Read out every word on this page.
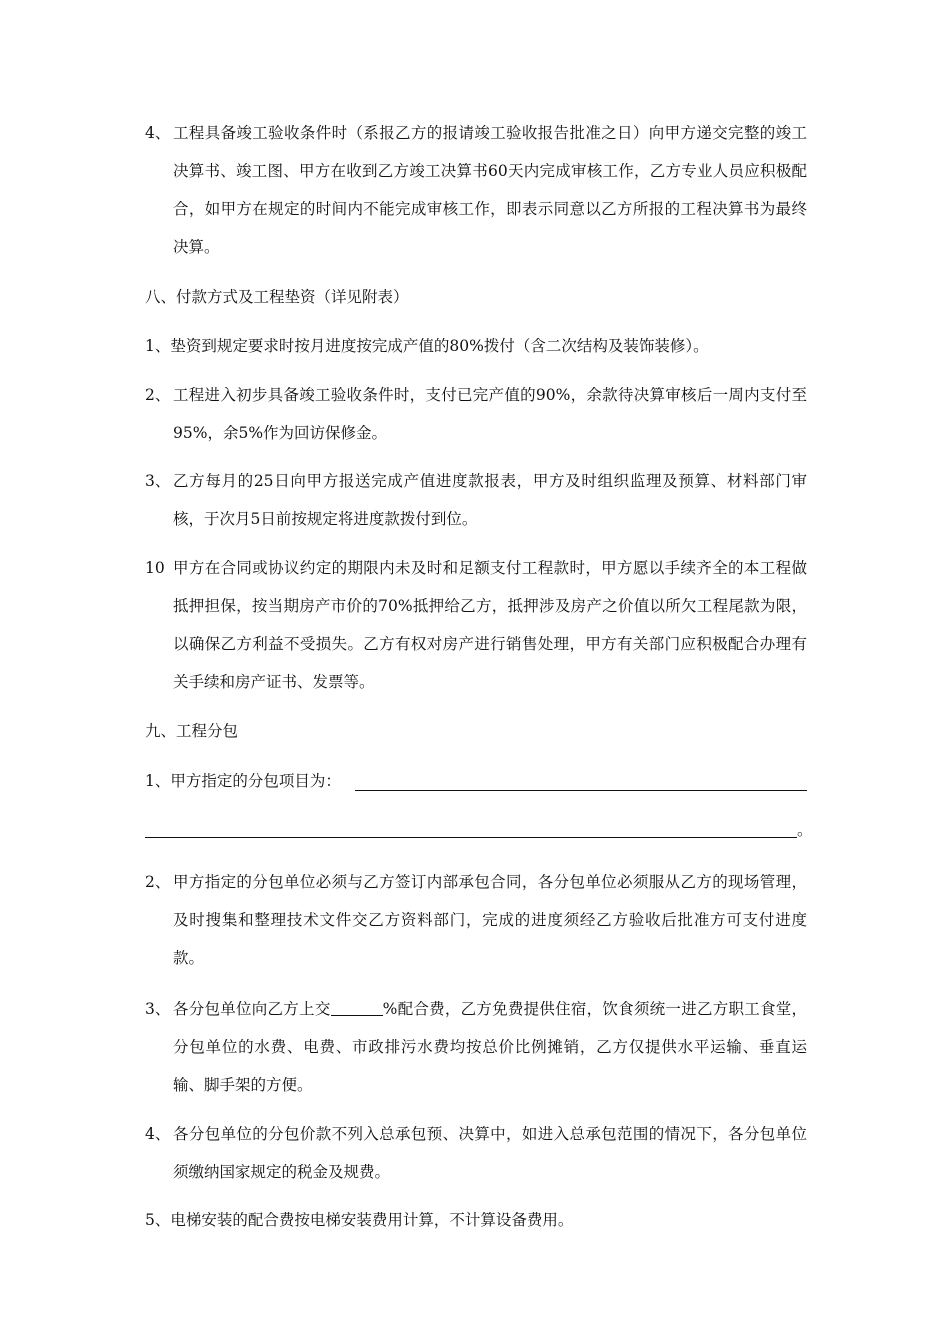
4、 工程具备竣工验收条件时（系报乙方的报请竣工验收报告批准之日）向甲方递交完整的竣工决算书、竣工图、甲方在收到乙方竣工决算书60天内完成审核工作，乙方专业人员应积极配合，如甲方在规定的时间内不能完成审核工作，即表示同意以乙方所报的工程决算书为最终决算。
八、付款方式及工程垫资（详见附表）
1、垫资到规定要求时按月进度按完成产值的80%拨付（含二次结构及装饰装修）。
2、 工程进入初步具备竣工验收条件时，支付已完产值的90%，余款待决算审核后一周内支付至95%，余5%作为回访保修金。
3、 乙方每月的25日向甲方报送完成产值进度款报表，甲方及时组织监理及预算、材料部门审核，于次月5日前按规定将进度款拨付到位。
10 甲方在合同或协议约定的期限内未及时和足额支付工程款时，甲方愿以手续齐全的本工程做抵押担保，按当期房产市价的70%抵押给乙方，抵押涉及房产之价值以所欠工程尾款为限，以确保乙方利益不受损失。乙方有权对房产进行销售处理，甲方有关部门应积极配合办理有关手续和房产证书、发票等。
九、工程分包
1、甲方指定的分包项目为：
。
2、 甲方指定的分包单位必须与乙方签订内部承包合同，各分包单位必须服从乙方的现场管理，及时搜集和整理技术文件交乙方资料部门，完成的进度须经乙方验收后批准方可支付进度款。
3、 各分包单位向乙方上交	%配合费，乙方免费提供住宿，饮食须统一进乙方职工食堂，分包单位的水费、电费、市政排污水费均按总价比例摊销，乙方仅提供水平运输、垂直运输、脚手架的方便。
4、 各分包单位的分包价款不列入总承包预、决算中，如进入总承包范围的情况下，各分包单位须缴纳国家规定的税金及规费。
5、电梯安装的配合费按电梯安装费用计算，不计算设备费用。
